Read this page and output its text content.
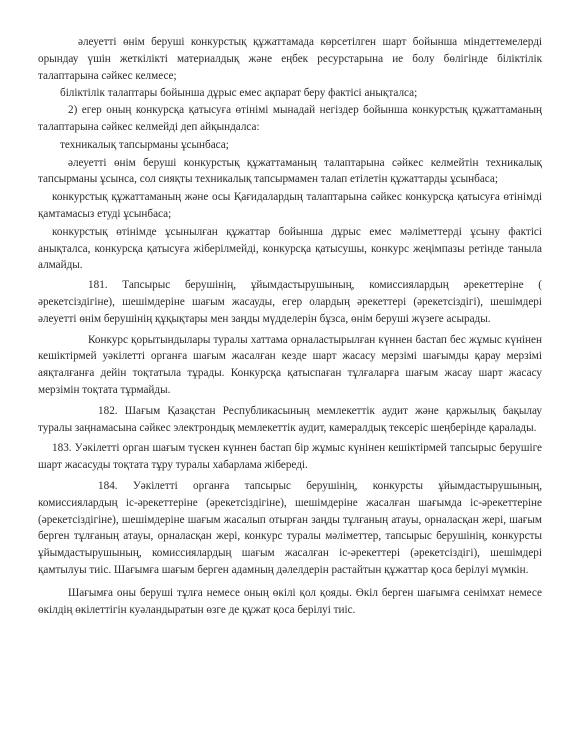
әлеуетті өнім беруші конкурстық құжаттамада көрсетілген шарт бойынша міндеттемелерді орындау үшін жеткілікті материалдық және еңбек ресурстарына ие болу бөлігінде біліктілік талаптарына сәйкес келмесе;

біліктілік талаптары бойынша дұрыс емес ақпарат беру фактісі анықталса;

2) егер оның конкурсқа қатысуға өтінімі мынадай негіздер бойынша конкурстық құжаттаманың талаптарына сәйкес келмейді деп айқындалса:

техникалық тапсырманы ұсынбаса;

әлеуетті өнім беруші конкурстық құжаттаманың талаптарына сәйкес келмейтін техникалық тапсырманы ұсынса, сол сияқты техникалық тапсырмамен талап етілетін құжаттарды ұсынбаса;

конкурстық құжаттаманың және осы Қағидалардың талаптарына сәйкес конкурсқа қатысуға өтінімді қамтамасыз етуді ұсынбаса;

конкурстық өтінімде ұсынылған құжаттар бойынша дұрыс емес мәліметтерді ұсыну фактісі анықталса, конкурсқа қатысуға жіберілмейді, конкурсқа қатысушы, конкурс жеңімпазы ретінде таныла алмайды.

181. Тапсырыс берушінің, ұйымдастырушының, комиссиялардың әрекеттеріне ( әрекетсіздігіне), шешімдеріне шағым жасауды, егер олардың әрекеттері (әрекетсіздігі), шешімдері әлеуетті өнім берушінің құқықтары мен заңды мүдделерін бұзса, өнім беруші жүзеге асырады.

Конкурс қорытындылары туралы хаттама орналастырылған күннен бастап бес жұмыс күнінен кешіктірмей уәкілетті органға шағым жасалған кезде шарт жасасу мерзімі шағымды қарау мерзімі аяқталғанға дейін тоқтатыла тұрады. Конкурсқа қатыспаған тұлғаларға шағым жасау шарт жасасу мерзімін тоқтата тұрмайды.

182. Шағым Қазақстан Республикасының мемлекеттік аудит және қаржылық бақылау туралы заңнамасына сәйкес электрондық мемлекеттік аудит, камералдық тексеріс шеңберінде қаралады.

183. Уәкілетті орган шағым түскен күннен бастап бір жұмыс күнінен кешіктірмей тапсырыс берушіге шарт жасасуды тоқтата тұру туралы хабарлама жібереді.

184. Уәкілетті органға тапсырыс берушінің, конкурсты ұйымдастырушының, комиссиялардың іс-әрекеттеріне (әрекетсіздігіне), шешімдеріне жасалған шағымда іс-әрекеттеріне (әрекетсіздігіне), шешімдеріне шағым жасалып отырған заңды тұлғаның атауы, орналасқан жері, шағым берген тұлғаның атауы, орналасқан жері, конкурс туралы мәліметтер, тапсырыс берушінің, конкурсты ұйымдастырушының, комиссиялардың шағым жасалған іс-әрекеттері (әрекетсіздігі), шешімдері қамтылуы тиіс. Шағымға шағым берген адамның дәлелдерін растайтын құжаттар қоса берілуі мүмкін.

Шағымға оны беруші тұлға немесе оның өкілі қол қояды. Өкіл берген шағымға сенімхат немесе өкілдің өкілеттігін куәландыратын өзге де құжат қоса берілуі тиіс.
